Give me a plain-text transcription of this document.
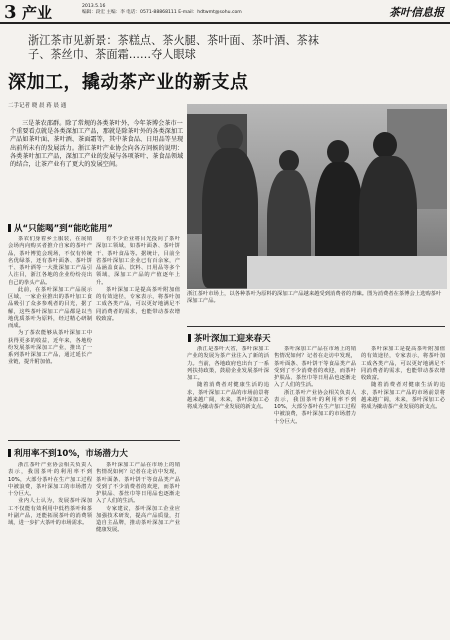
3 产业	2013.5.16
编辑：段宏 主编：李 电话：0571-88868111 E-mail：hdtwmt@sohu.com	茶叶信息报
浙江茶市见新景：茶糕点、茶火腿、茶叶面、茶叶酒、茶袜子、茶丝巾、茶面霜……夺人眼球
深加工，撬动茶产业的新支点
二手记者 晓 晨 蒋 晨 通

三是茶农邵群。除了常规的各类茶叶外，今年茶博会茶市一个重要看点就是各类深加工产品，那就是除茶叶外的各类深加工产品如茶叶面、茶叶酒、茶面霜等，其中茶食品、日用品等呈现出前所未有的发展活力。浙江茶叶产业协会向各方问候的说明：各类茶叶加工产品，深加工产业的发展与各项茶叶、茶食品领域的结合，让茶产业有了更大的发展空间。

浙江茶叶市场上，以各种茶叶为原料的深加工产品越来越受到消费者的青睐。图为消费者在茶博会上选购茶叶深加工产品。
从“只能喝”到“能吃能用”
利用率不到10%，市场潜力大
茶叶深加工迎来春天

茶农们身着乡土服装，在展销会场内向购买者推介自家的茶叶产品，茶叶博览会现场，不仅有传统名优绿茶，还有茶叶面条、茶叶饼干、茶叶酒等一大批深加工产品引人注目，浙江各地的企业纷纷亮出自己的拳头产品。

此前，在茶叶深加工产品展示区域，一家企业推出的茶叶加工食品吸引了众多参观者的目光，据了解，这些茶叶深加工产品都是以当地优质茶叶为原料，经过精心研制而成。

为了茶农能够从茶叶深加工中获得更多的收益，近年来，各地纷纷发展茶叶深加工产业，推出了一系列茶叶深加工产品，通过延长产业链，提升附加值。

有不少企业将目光投向了茶叶深加工领域，如茶叶面条、茶叶饼干、茶叶食品等。据统计，目前全省茶叶深加工企业已有百余家，产品涵盖食品、饮料、日用品等多个领域，深加工产品的产值逐年上升。

茶叶深加工是提高茶叶附加值的有效途径，专家表示，将茶叶加工成各类产品，可以更好地满足不同消费者的需求，也能带动茶农增收致富。

浙江茶叶产业协会相关负责人表示，我国茶叶的利用率不到10%，大部分茶叶在生产加工过程中被浪费，茶叶深加工的市场潜力十分巨大。

业内人士认为，发展茶叶深加工不仅能有效利用中低档茶叶和茶叶副产品，还能拓展茶叶的消费领域，进一步扩大茶叶的市场需求。

茶叶深加工产品在市场上的销售情况如何？记者在走访中发现，茶叶面条、茶叶饼干等食品类产品受到了不少消费者的欢迎，而茶叶护肤品、茶丝巾等日用品也逐渐走入了人们的生活。

专家建议，茶叶深加工企业应加强技术研发，提高产品质量，打造自主品牌，推动茶叶深加工产业健康发展。

浙江是茶叶大省，茶叶深加工产业的发展为茶产业注入了新的活力。当前，各地政府也出台了一系列扶持政策，鼓励企业发展茶叶深加工。

随着消费者对健康生活的追求，茶叶深加工产品的市场前景将越来越广阔，未来，茶叶深加工必将成为撬动茶产业发展的新支点。

茶叶深加工产品在市场上的销售情况如何？记者在走访中发现，茶叶面条、茶叶饼干等食品类产品受到了不少消费者的欢迎，而茶叶护肤品、茶丝巾等日用品也逐渐走入了人们的生活。

浙江茶叶产业协会相关负责人表示，我国茶叶的利用率不到10%，大部分茶叶在生产加工过程中被浪费，茶叶深加工的市场潜力十分巨大。

茶叶深加工是提高茶叶附加值的有效途径，专家表示，将茶叶加工成各类产品，可以更好地满足不同消费者的需求，也能带动茶农增收致富。

随着消费者对健康生活的追求，茶叶深加工产品的市场前景将越来越广阔，未来，茶叶深加工必将成为撬动茶产业发展的新支点。
